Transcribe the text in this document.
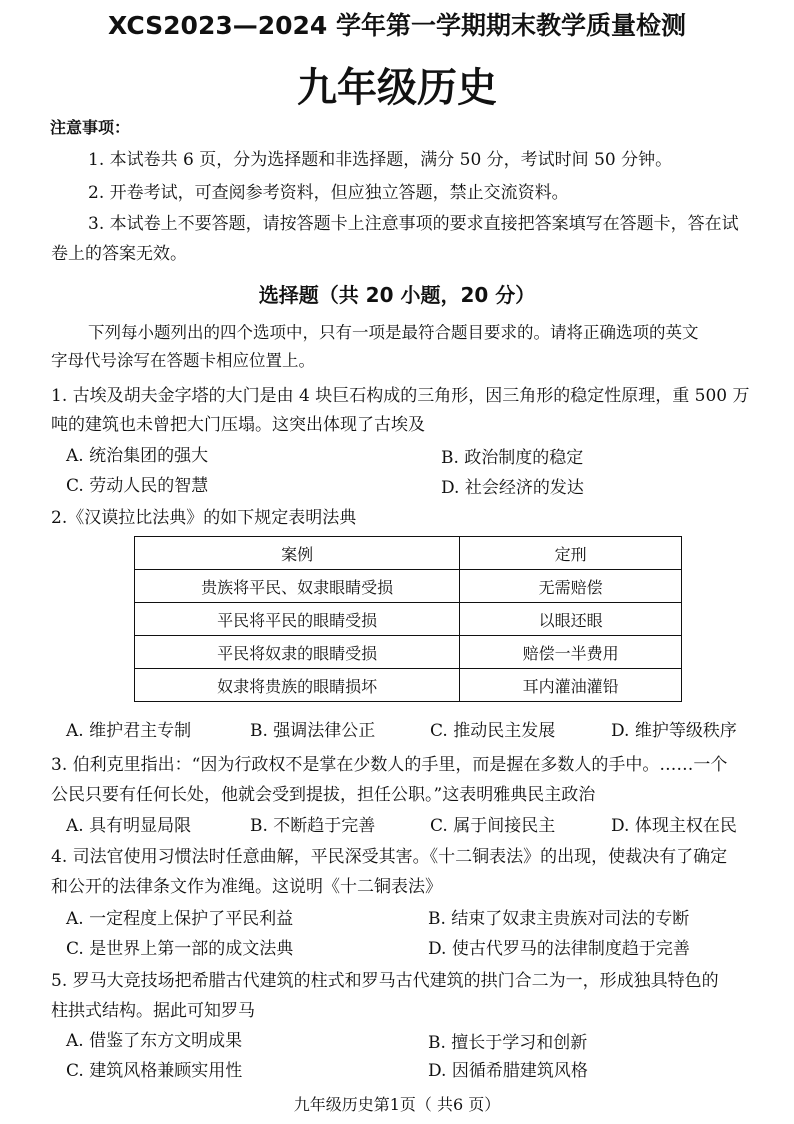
XCS2023—2024 学年第一学期期末教学质量检测
九年级历史
注意事项：
1. 本试卷共 6 页，分为选择题和非选择题，满分 50 分，考试时间 50 分钟。
2. 开卷考试，可查阅参考资料，但应独立答题，禁止交流资料。
3. 本试卷上不要答题，请按答题卡上注意事项的要求直接把答案填写在答题卡，答在试
卷上的答案无效。
选择题（共 20 小题，20 分）
下列每小题列出的四个选项中，只有一项是最符合题目要求的。请将正确选项的英文
字母代号涂写在答题卡相应位置上。
1. 古埃及胡夫金字塔的大门是由 4 块巨石构成的三角形，因三角形的稳定性原理，重 500 万
吨的建筑也未曾把大门压塌。这突出体现了古埃及
A. 统治集团的强大	B. 政治制度的稳定
C. 劳动人民的智慧	D. 社会经济的发达
2.《汉谟拉比法典》的如下规定表明法典
案例	定刑
贵族将平民、奴隶眼睛受损	无需赔偿
平民将平民的眼睛受损	以眼还眼
平民将奴隶的眼睛受损	赔偿一半费用
奴隶将贵族的眼睛损坏	耳内灌油灌铅
A. 维护君主专制	B. 强调法律公正	C. 推动民主发展	D. 维护等级秩序
3. 伯利克里指出：“因为行政权不是掌在少数人的手里，而是握在多数人的手中。……一个
公民只要有任何长处，他就会受到提拔，担任公职。”这表明雅典民主政治
A. 具有明显局限	B. 不断趋于完善	C. 属于间接民主	D. 体现主权在民
4. 司法官使用习惯法时任意曲解，平民深受其害。《十二铜表法》的出现，使裁决有了确定
和公开的法律条文作为准绳。这说明《十二铜表法》
A. 一定程度上保护了平民利益	B. 结束了奴隶主贵族对司法的专断
C. 是世界上第一部的成文法典	D. 使古代罗马的法律制度趋于完善
5. 罗马大竞技场把希腊古代建筑的柱式和罗马古代建筑的拱门合二为一，形成独具特色的
柱拱式结构。据此可知罗马
A. 借鉴了东方文明成果	B. 擅长于学习和创新
C. 建筑风格兼顾实用性	D. 因循希腊建筑风格
九年级历史第1页（ 共6 页）
